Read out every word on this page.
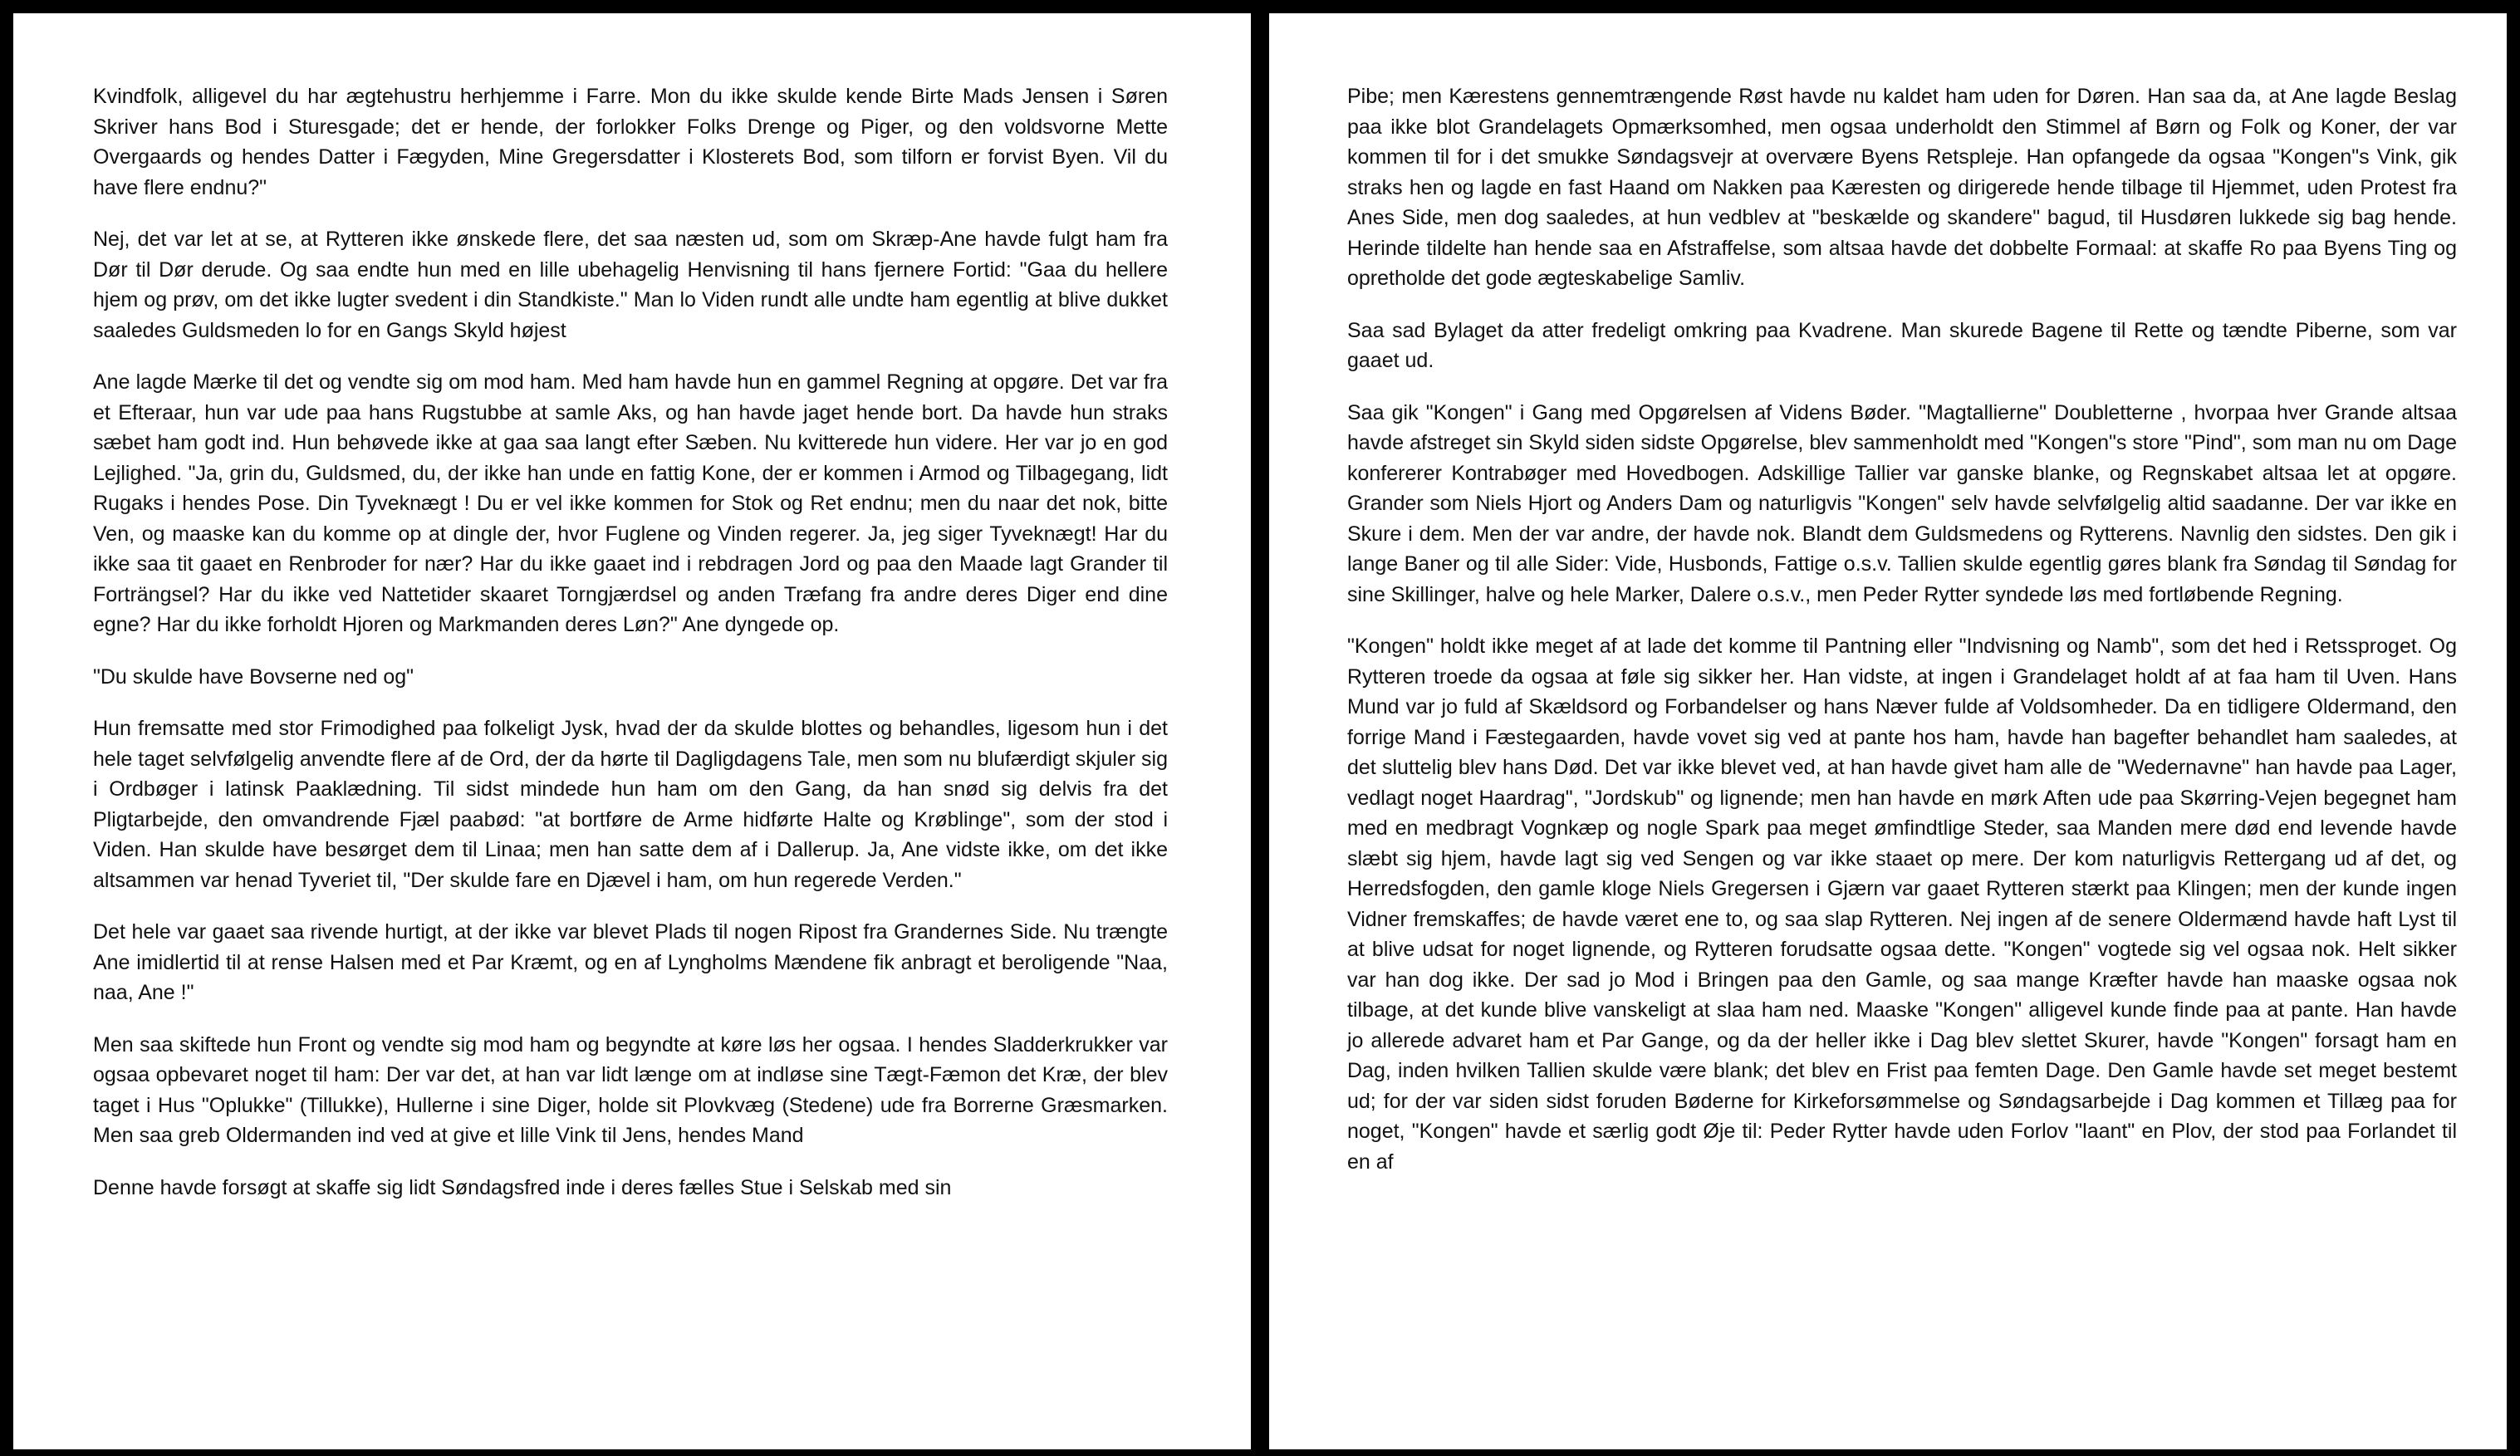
Kvindfolk, alligevel du har ægtehustru herhjemme i Farre. Mon du ikke skulde kende Birte Mads Jensen i Søren Skriver hans Bod i Sturesgade; det er hende, der forlokker Folks Drenge og Piger, og den voldsvorne Mette Overgaards og hendes Datter i Fægyden, Mine Gregersdatter i Klosterets Bod, som tilforn er forvist Byen. Vil du have flere endnu?"

Nej, det var let at se, at Rytteren ikke ønskede flere, det saa næsten ud, som om Skræp-Ane havde fulgt ham fra Dør til Dør derude. Og saa endte hun med en lille ubehagelig Henvisning til hans fjernere Fortid: "Gaa du hellere hjem og prøv, om det ikke lugter svedent i din Standkiste." Man lo Viden rundt alle undte ham egentlig at blive dukket saaledes Guldsmeden lo for en Gangs Skyld højest

Ane lagde Mærke til det og vendte sig om mod ham. Med ham havde hun en gammel Regning at opgøre. Det var fra et Efteraar, hun var ude paa hans Rugstubbe at samle Aks, og han havde jaget hende bort. Da havde hun straks sæbet ham godt ind. Hun behøvede ikke at gaa saa langt efter Sæben. Nu kvitterede hun videre. Her var jo en god Lejlighed. "Ja, grin du, Guldsmed, du, der ikke han unde en fattig Kone, der er kommen i Armod og Tilbagegang, lidt Rugaks i hendes Pose. Din Tyveknægt ! Du er vel ikke kommen for Stok og Ret endnu; men du naar det nok, bitte Ven, og maaske kan du komme op at dingle der, hvor Fuglene og Vinden regerer. Ja, jeg siger Tyveknægt! Har du ikke saa tit gaaet en Renbroder for nær? Har du ikke gaaet ind i rebdragen Jord og paa den Maade lagt Grander til Forträngsel? Har du ikke ved Nattetider skaaret Torngjærdsel og anden Træfang fra andre deres Diger end dine egne? Har du ikke forholdt Hjoren og Markmanden deres Løn?" Ane dyngede op.

"Du skulde have Bovserne ned og"

Hun fremsatte med stor Frimodighed paa folkeligt Jysk, hvad der da skulde blottes og behandles, ligesom hun i det hele taget selvfølgelig anvendte flere af de Ord, der da hørte til Dagligdagens Tale, men som nu blufærdigt skjuler sig i Ordbøger i latinsk Paaklædning. Til sidst mindede hun ham om den Gang, da han snød sig delvis fra det Pligtarbejde, den omvandrende Fjæl paabød: "at bortføre de Arme hidførte Halte og Krøblinge", som der stod i Viden. Han skulde have besørget dem til Linaa; men han satte dem af i Dallerup. Ja, Ane vidste ikke, om det ikke altsammen var henad Tyveriet til, "Der skulde fare en Djævel i ham, om hun regerede Verden."

Det hele var gaaet saa rivende hurtigt, at der ikke var blevet Plads til nogen Ripost fra Grandernes Side. Nu trængte Ane imidlertid til at rense Halsen med et Par Kræmt, og en af Lyngholms Mændene fik anbragt et beroligende "Naa, naa, Ane !"

Men saa skiftede hun Front og vendte sig mod ham og begyndte at køre løs her ogsaa. I hendes Sladderkrukker var ogsaa opbevaret noget til ham: Der var det, at han var lidt længe om at indløse sine Tægt-Fæmon det Kræ, der blev taget i Hus "Oplukke" (Tillukke), Hullerne i sine Diger, holde sit Plovkvæg (Stedene) ude fra Borrerne Græsmarken. Men saa greb Oldermanden ind ved at give et lille Vink til Jens, hendes Mand

Denne havde forsøgt at skaffe sig lidt Søndagsfred inde i deres fælles Stue i Selskab med sin

Pibe; men Kærestens gennemtrængende Røst havde nu kaldet ham uden for Døren. Han saa da, at Ane lagde Beslag paa ikke blot Grandelagets Opmærksomhed, men ogsaa underholdt den Stimmel af Børn og Folk og Koner, der var kommen til for i det smukke Søndagsvejr at overvære Byens Retspleje. Han opfangede da ogsaa "Kongen"s Vink, gik straks hen og lagde en fast Haand om Nakken paa Kæresten og dirigerede hende tilbage til Hjemmet, uden Protest fra Anes Side, men dog saaledes, at hun vedblev at "beskælde og skandere" bagud, til Husdøren lukkede sig bag hende. Herinde tildelte han hende saa en Afstraffelse, som altsaa havde det dobbelte Formaal: at skaffe Ro paa Byens Ting og opretholde det gode ægteskabelige Samliv.

Saa sad Bylaget da atter fredeligt omkring paa Kvadrene. Man skurede Bagene til Rette og tændte Piberne, som var gaaet ud.

Saa gik "Kongen" i Gang med Opgørelsen af Videns Bøder. "Magtallierne" Doubletterne , hvorpaa hver Grande altsaa havde afstreget sin Skyld siden sidste Opgørelse, blev sammenholdt med "Kongen"s store "Pind", som man nu om Dage konfererer Kontrabøger med Hovedbogen. Adskillige Tallier var ganske blanke, og Regnskabet altsaa let at opgøre. Grander som Niels Hjort og Anders Dam og naturligvis "Kongen" selv havde selvfølgelig altid saadanne. Der var ikke en Skure i dem. Men der var andre, der havde nok. Blandt dem Guldsmedens og Rytterens. Navnlig den sidstes. Den gik i lange Baner og til alle Sider: Vide, Husbonds, Fattige o.s.v. Tallien skulde egentlig gøres blank fra Søndag til Søndag for sine Skillinger, halve og hele Marker, Dalere o.s.v., men Peder Rytter syndede løs med fortløbende Regning.

"Kongen" holdt ikke meget af at lade det komme til Pantning eller "Indvisning og Namb", som det hed i Retssproget. Og Rytteren troede da ogsaa at føle sig sikker her. Han vidste, at ingen i Grandelaget holdt af at faa ham til Uven. Hans Mund var jo fuld af Skældsord og Forbandelser og hans Næver fulde af Voldsomheder. Da en tidligere Oldermand, den forrige Mand i Fæstegaarden, havde vovet sig ved at pante hos ham, havde han bagefter behandlet ham saaledes, at det sluttelig blev hans Død. Det var ikke blevet ved, at han havde givet ham alle de "Wedernavne" han havde paa Lager, vedlagt noget Haardrag", "Jordskub" og lignende; men han havde en mørk Aften ude paa Skørring-Vejen begegnet ham med en medbragt Vognkæp og nogle Spark paa meget ømfindtlige Steder, saa Manden mere død end levende havde slæbt sig hjem, havde lagt sig ved Sengen og var ikke staaet op mere. Der kom naturligvis Rettergang ud af det, og Herredsfogden, den gamle kloge Niels Gregersen i Gjærn var gaaet Rytteren stærkt paa Klingen; men der kunde ingen Vidner fremskaffes; de havde været ene to, og saa slap Rytteren. Nej ingen af de senere Oldermænd havde haft Lyst til at blive udsat for noget lignende, og Rytteren forudsatte ogsaa dette. "Kongen" vogtede sig vel ogsaa nok. Helt sikker var han dog ikke. Der sad jo Mod i Bringen paa den Gamle, og saa mange Kræfter havde han maaske ogsaa nok tilbage, at det kunde blive vanskeligt at slaa ham ned. Maaske "Kongen" alligevel kunde finde paa at pante. Han havde jo allerede advaret ham et Par Gange, og da der heller ikke i Dag blev slettet Skurer, havde "Kongen" forsagt ham en Dag, inden hvilken Tallien skulde være blank; det blev en Frist paa femten Dage. Den Gamle havde set meget bestemt ud; for der var siden sidst foruden Bøderne for Kirkeforsømmelse og Søndagsarbejde i Dag kommen et Tillæg paa for noget, "Kongen" havde et særlig godt Øje til: Peder Rytter havde uden Forlov "laant" en Plov, der stod paa Forlandet til en af
